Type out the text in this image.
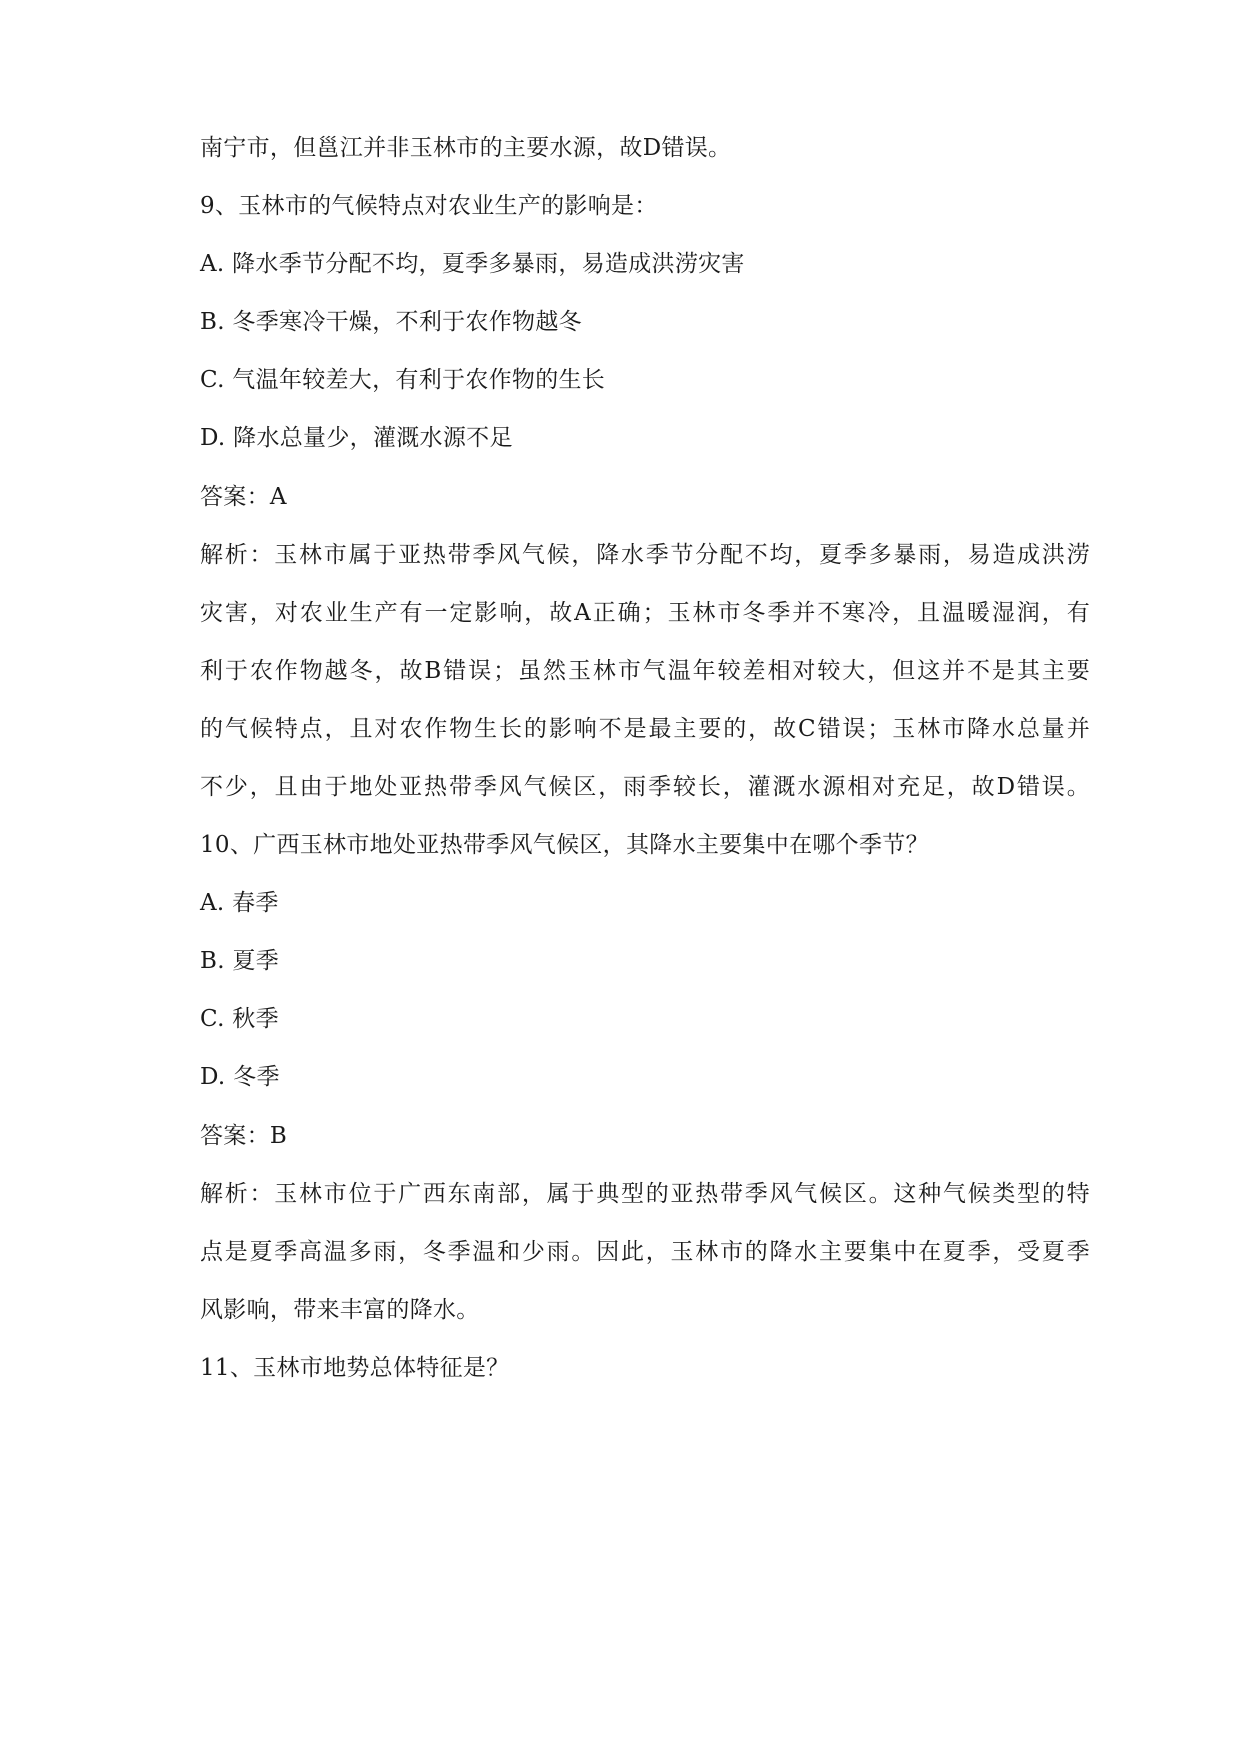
南宁市，但邕江并非玉林市的主要水源，故D错误。
9、玉林市的气候特点对农业生产的影响是：
A. 降水季节分配不均，夏季多暴雨，易造成洪涝灾害
B. 冬季寒冷干燥，不利于农作物越冬
C. 气温年较差大，有利于农作物的生长
D. 降水总量少，灌溉水源不足
答案：A
解析：玉林市属于亚热带季风气候，降水季节分配不均，夏季多暴雨，易造成洪涝
灾害，对农业生产有一定影响，故A正确；玉林市冬季并不寒冷，且温暖湿润，有
利于农作物越冬，故B错误；虽然玉林市气温年较差相对较大，但这并不是其主要
的气候特点，且对农作物生长的影响不是最主要的，故C错误；玉林市降水总量并
不少，且由于地处亚热带季风气候区，雨季较长，灌溉水源相对充足，故D错误。
10、广西玉林市地处亚热带季风气候区，其降水主要集中在哪个季节？
A. 春季
B. 夏季
C. 秋季
D. 冬季
答案：B
解析：玉林市位于广西东南部，属于典型的亚热带季风气候区。这种气候类型的特
点是夏季高温多雨，冬季温和少雨。因此，玉林市的降水主要集中在夏季，受夏季
风影响，带来丰富的降水。
11、玉林市地势总体特征是？
